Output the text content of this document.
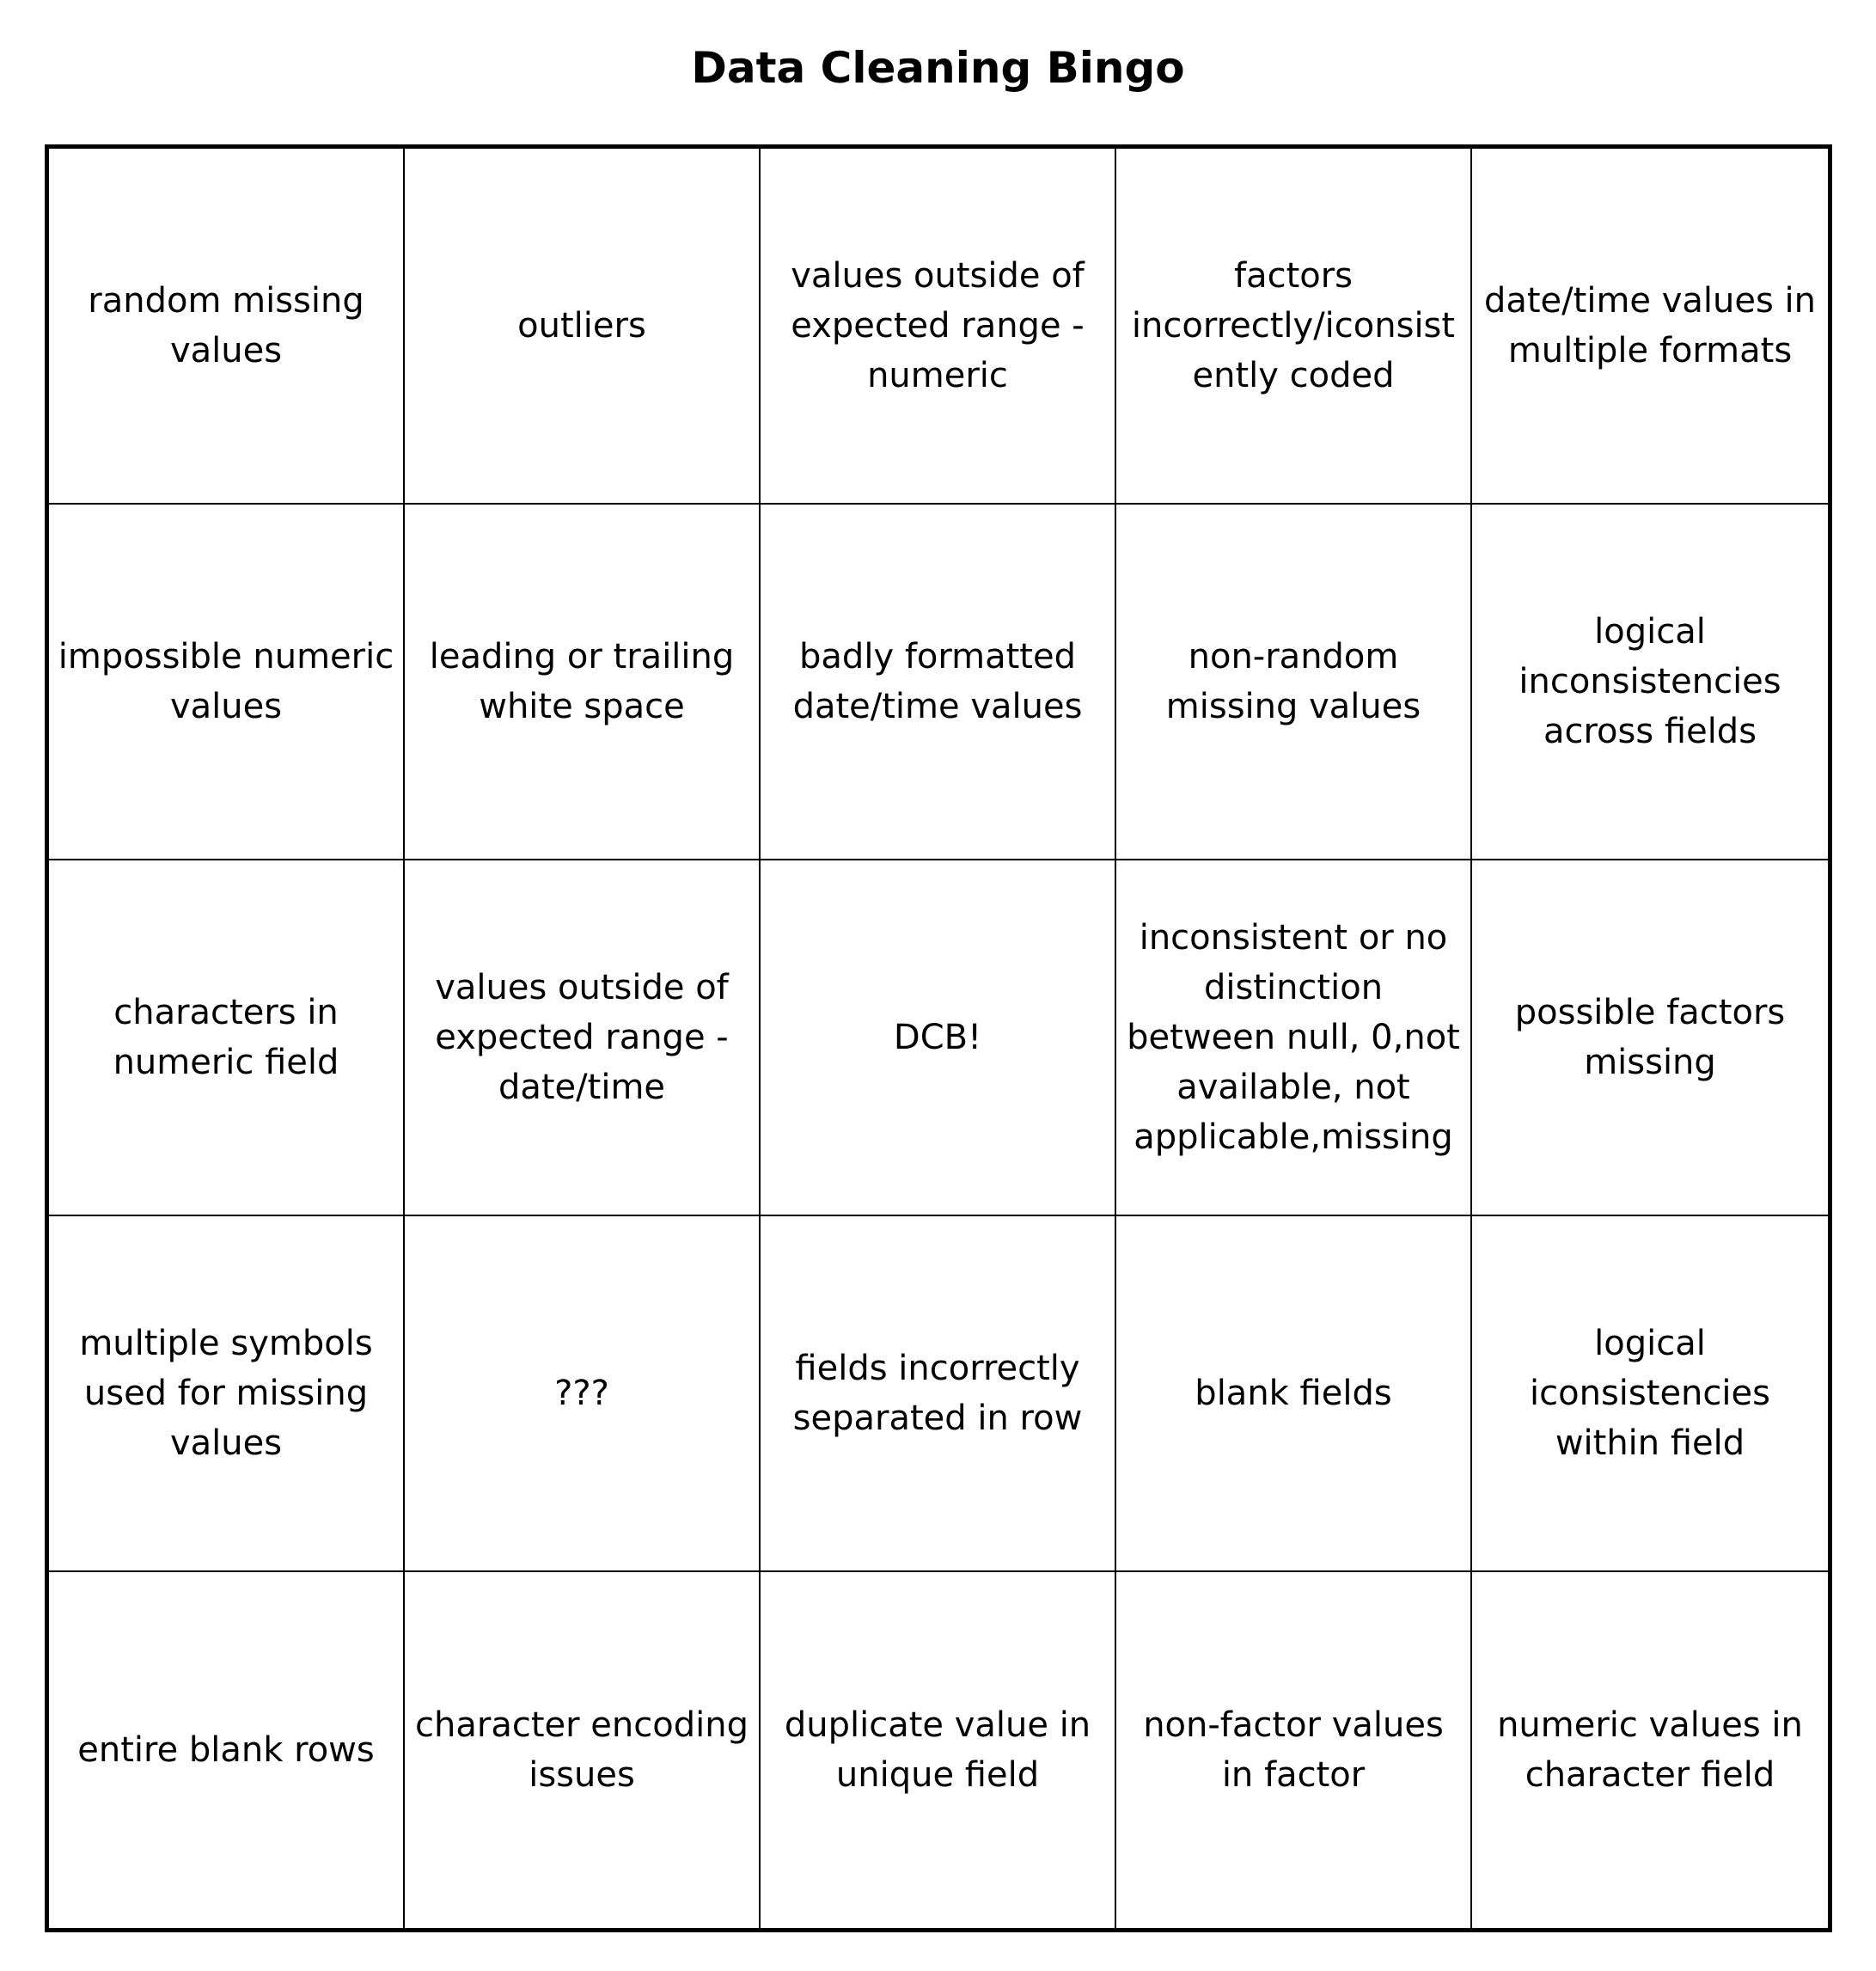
Data Cleaning Bingo
random missing values
outliers
values outside of expected range - numeric
factors incorrectly/iconsistently coded
date/time values in multiple formats
impossible numeric values
leading or trailing white space
badly formatted date/time values
non-random missing values
logical inconsistencies across fields
characters in numeric field
values outside of expected range - date/time
DCB!
inconsistent or no distinction between null, 0,not available, not applicable,missing
possible factors missing
multiple symbols used for missing values
???
fields incorrectly separated in row
blank fields
logical iconsistencies within field
entire blank rows
character encoding issues
duplicate value in unique field
non-factor values in factor
numeric values in character field
